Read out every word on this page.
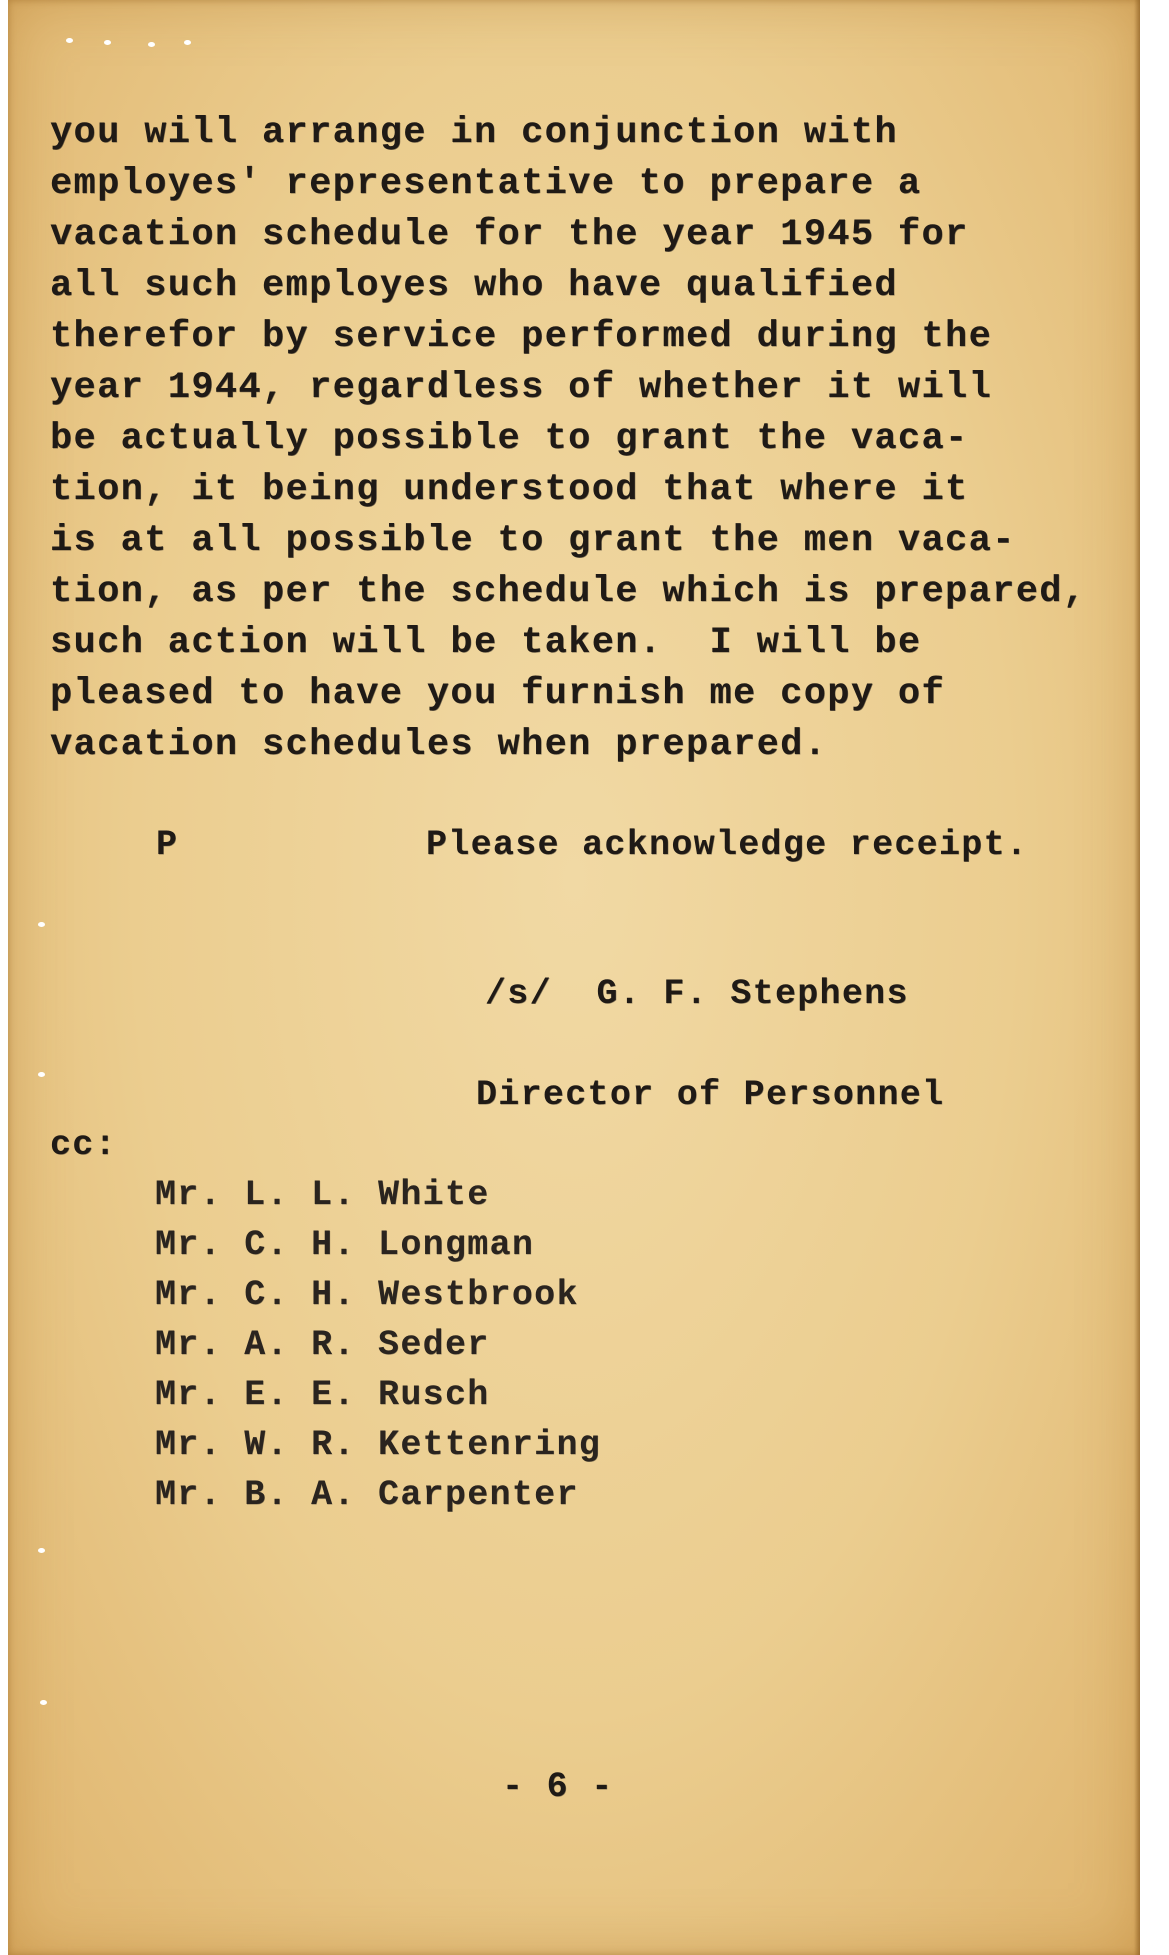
you will arrange in conjunction with

employes' representative to prepare a

vacation schedule for the year 1945 for

all such employes who have qualified

therefor by service performed during the

year 1944, regardless of whether it will

be actually possible to grant the vaca-

tion, it being understood that where it

is at all possible to grant the men vaca-

tion, as per the schedule which is prepared,

such action will be taken.  I will be

pleased to have you furnish me copy of

vacation schedules when prepared.

P	Please acknowledge receipt.

/s/  G. F. Stephens

Director of Personnel

cc:

Mr. L. L. White

Mr. C. H. Longman

Mr. C. H. Westbrook

Mr. A. R. Seder

Mr. E. E. Rusch

Mr. W. R. Kettenring

Mr. B. A. Carpenter

- 6 -
